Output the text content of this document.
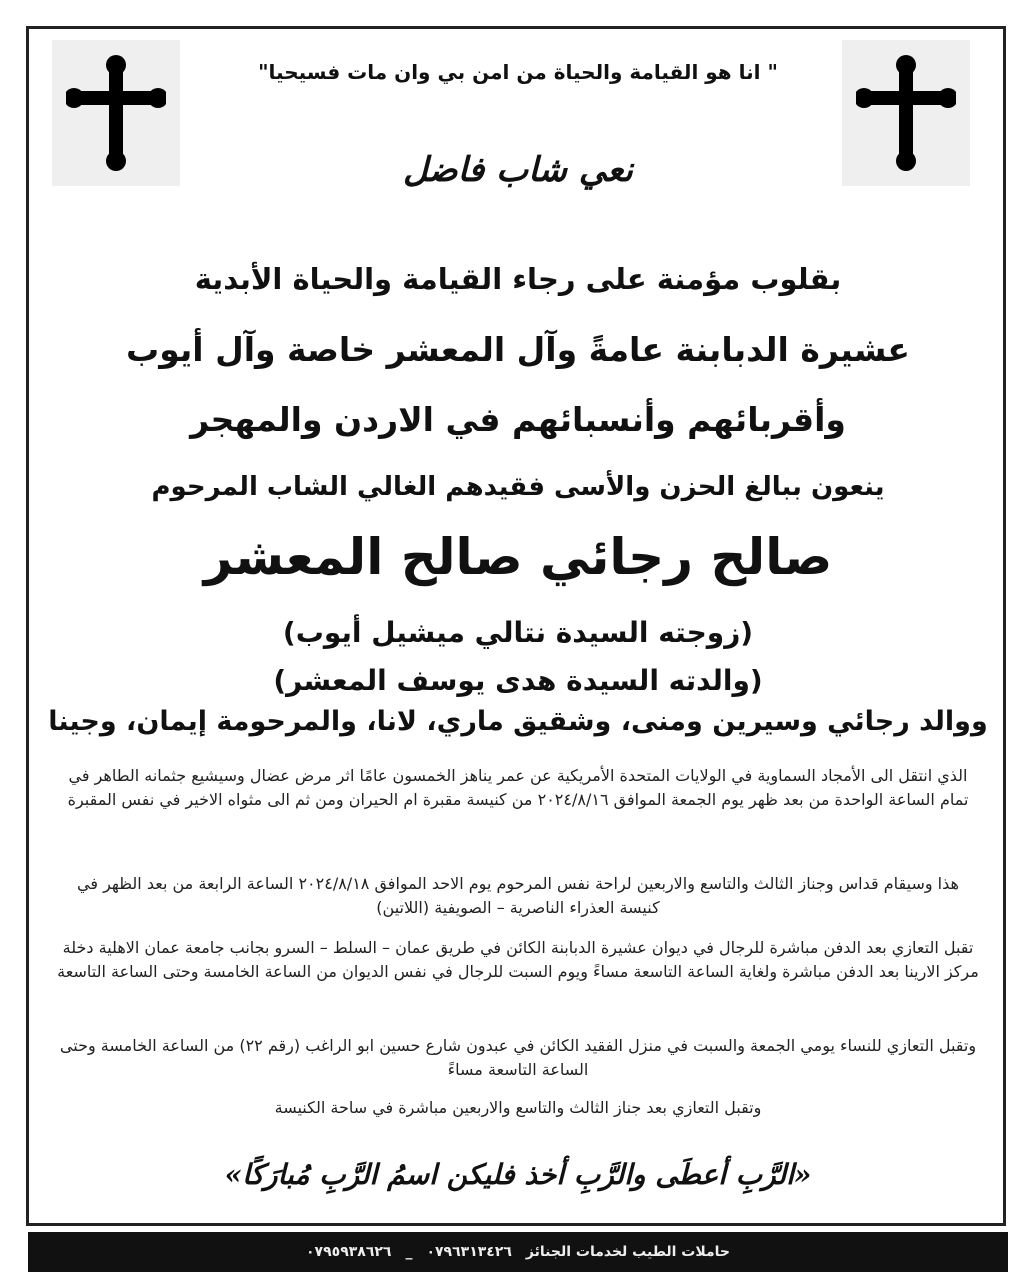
" انا هو القيامة والحياة من امن بي وان مات فسيحيا"
نعي شاب فاضل
بقلوب مؤمنة على رجاء القيامة والحياة الأبدية
عشيرة الدبابنة عامةً وآل المعشر خاصة وآل أيوب
وأقربائهم وأنسبائهم في الاردن والمهجر
ينعون ببالغ الحزن والأسى فقيدهم الغالي الشاب المرحوم
صالح رجائي صالح المعشر
(زوجته السيدة نتالي ميشيل أيوب)
(والدته السيدة هدى يوسف المعشر)
ووالد رجائي وسيرين ومنى، وشقيق ماري، لانا، والمرحومة إيمان، وجينا
الذي انتقل الى الأمجاد السماوية في الولايات المتحدة الأمريكية عن عمر يناهز الخمسون عامًا اثر مرض عضال وسيشيع جثمانه الطاهر في تمام الساعة الواحدة من بعد ظهر يوم الجمعة الموافق ٢٠٢٤/٨/١٦ من كنيسة مقبرة ام الحيران ومن ثم الى مثواه الاخير في نفس المقبرة
هذا وسيقام قداس وجناز الثالث والتاسع والاربعين لراحة نفس المرحوم يوم الاحد الموافق ٢٠٢٤/٨/١٨ الساعة الرابعة من بعد الظهر في كنيسة العذراء الناصرية – الصويفية (اللاتين)
تقبل التعازي بعد الدفن مباشرة للرجال في ديوان عشيرة الدبابنة الكائن في طريق عمان – السلط – السرو بجانب جامعة عمان الاهلية دخلة مركز الارينا بعد الدفن مباشرة ولغاية الساعة التاسعة مساءً ويوم السبت للرجال في نفس الديوان من الساعة الخامسة وحتى الساعة التاسعة
وتقبل التعازي للنساء يومي الجمعة والسبت في منزل الفقيد الكائن في عبدون شارع حسين ابو الراغب (رقم ٢٢) من الساعة الخامسة وحتى الساعة التاسعة مساءً
وتقبل التعازي بعد جناز الثالث والتاسع والاربعين مباشرة في ساحة الكنيسة
«الرَّبِ أعطَى والرَّبِ أخذ فليكن اسمُ الرَّبِ مُبارَكًا»
حاملات الطيب لخدمات الجنائز
٠٧٩٦٣١٣٤٢٦
_
٠٧٩٥٩٣٨٦٢٦
